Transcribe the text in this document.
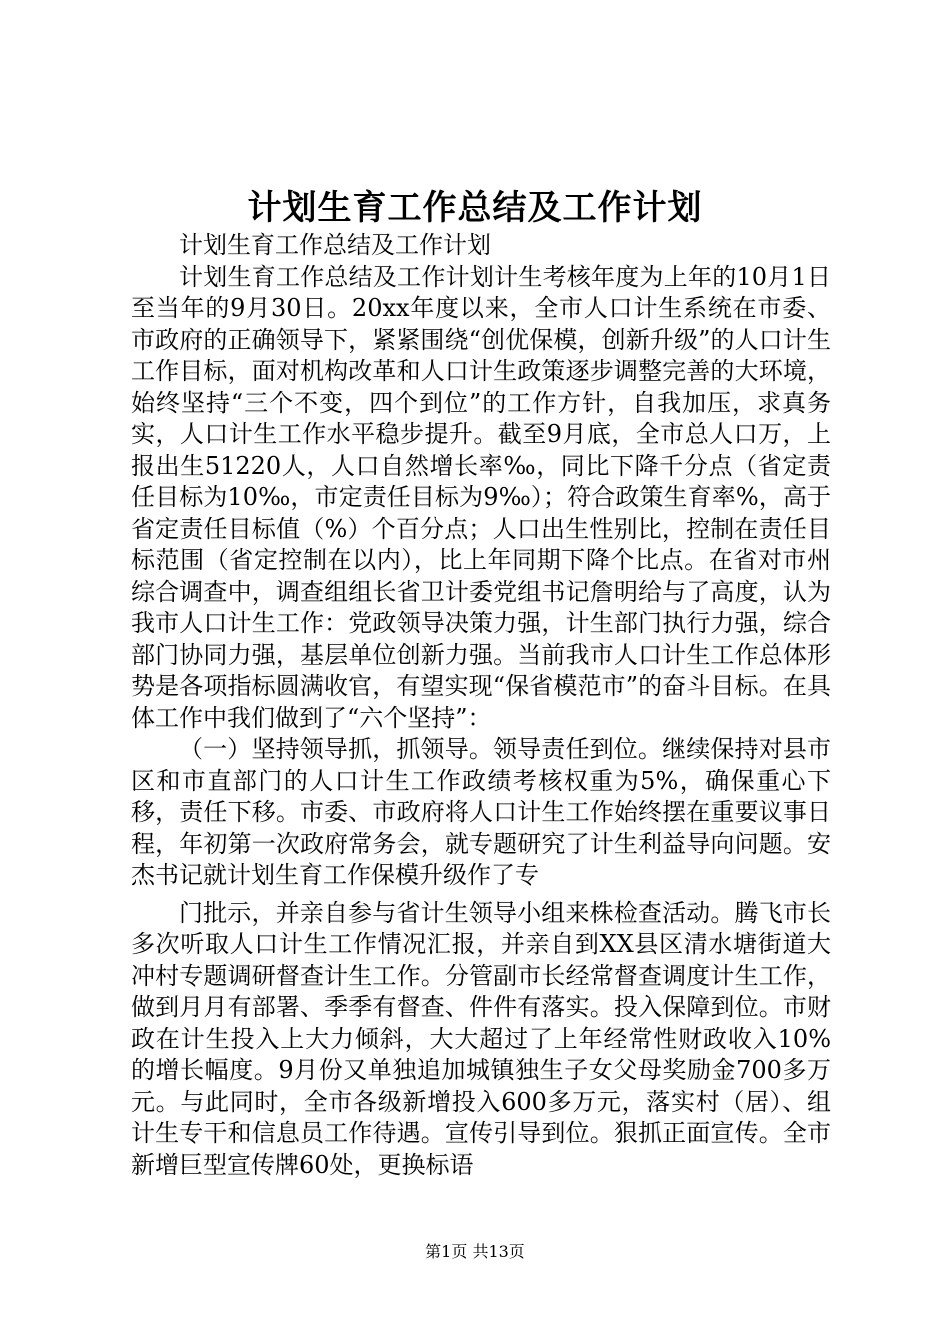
计划生育工作总结及工作计划

计划生育工作总结及工作计划

计划生育工作总结及工作计划计生考核年度为上年的10月1日至当年的9月30日。20xx年度以来，全市人口计生系统在市委、市政府的正确领导下，紧紧围绕“创优保模，创新升级”的人口计生工作目标，面对机构改革和人口计生政策逐步调整完善的大环境，始终坚持“三个不变，四个到位”的工作方针，自我加压，求真务实，人口计生工作水平稳步提升。截至9月底，全市总人口万，上报出生51220人，人口自然增长率‰，同比下降千分点（省定责任目标为10‰，市定责任目标为9‰）；符合政策生育率%，高于省定责任目标值（%）个百分点；人口出生性别比，控制在责任目标范围（省定控制在以内），比上年同期下降个比点。在省对市州综合调查中，调查组组长省卫计委党组书记詹明给与了高度，认为我市人口计生工作：党政领导决策力强，计生部门执行力强，综合部门协同力强，基层单位创新力强。当前我市人口计生工作总体形势是各项指标圆满收官，有望实现“保省模范市”的奋斗目标。在具体工作中我们做到了“六个坚持”：

（一）坚持领导抓，抓领导。领导责任到位。继续保持对县市区和市直部门的人口计生工作政绩考核权重为5%，确保重心下移，责任下移。市委、市政府将人口计生工作始终摆在重要议事日程，年初第一次政府常务会，就专题研究了计生利益导向问题。安杰书记就计划生育工作保模升级作了专

门批示，并亲自参与省计生领导小组来株检查活动。腾飞市长多次听取人口计生工作情况汇报，并亲自到XX县区清水塘街道大冲村专题调研督查计生工作。分管副市长经常督查调度计生工作，做到月月有部署、季季有督查、件件有落实。投入保障到位。市财政在计生投入上大力倾斜，大大超过了上年经常性财政收入10%的增长幅度。9月份又单独追加城镇独生子女父母奖励金700多万元。与此同时，全市各级新增投入600多万元，落实村（居）、组计生专干和信息员工作待遇。宣传引导到位。狠抓正面宣传。全市新增巨型宣传牌60处，更换标语

第1页 共13页
